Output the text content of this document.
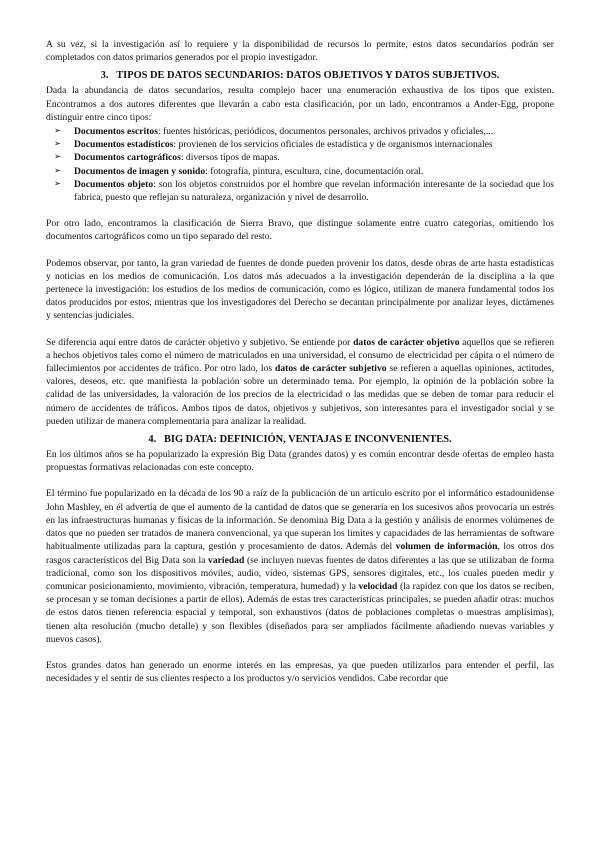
A su vez, si la investigación así lo requiere y la disponibilidad de recursos lo permite, estos datos secundarios podrán ser completados con datos primarios generados por el propio investigador.

3. TIPOS DE DATOS SECUNDARIOS: DATOS OBJETIVOS Y DATOS SUBJETIVOS.

Dada la abundancia de datos secundarios, resulta complejo hacer una enumeración exhaustiva de los tipos que existen. Encontramos a dos autores diferentes que llevarán a cabo esta clasificación, por un lado, encontramos a Ander-Egg, propone distinguir entre cinco tipos:

➢ Documentos escritos: fuentes históricas, periódicos, documentos personales, archivos privados y oficiales,...
➢ Documentos estadísticos: provienen de los servicios oficiales de estadística y de organismos internacionales
➢ Documentos cartográficos: diversos tipos de mapas.
➢ Documentos de imagen y sonido: fotografía, pintura, escultura, cine, documentación oral.
➢ Documentos objeto: son los objetos construidos por el hombre que revelan información interesante de la sociedad que los fabrica, puesto que reflejan su naturaleza, organización y nivel de desarrollo.

Por otro lado, encontramos la clasificación de Sierra Bravo, que distingue solamente entre cuatro categorías, omitiendo los documentos cartográficos como un tipo separado del resto.

Podemos observar, por tanto, la gran variedad de fuentes de donde pueden provenir los datos, desde obras de arte hasta estadísticas y noticias en los medios de comunicación. Los datos más adecuados a la investigación dependerán de la disciplina a la que pertenece la investigación: los estudios de los medios de comunicación, como es lógico, utilizan de manera fundamental todos los datos producidos por estos, mientras que los investigadores del Derecho se decantan principalmente por analizar leyes, dictámenes y sentencias judiciales.

Se diferencia aquí entre datos de carácter objetivo y subjetivo. Se entiende por datos de carácter objetivo aquellos que se refieren a hechos objetivos tales como el número de matriculados en una universidad, el consumo de electricidad per cápita o el número de fallecimientos por accidentes de tráfico. Por otro lado, los datos de carácter subjetivo se refieren a aquellas opiniones, actitudes, valores, deseos, etc. que manifiesta la población sobre un determinado tema. Por ejemplo, la opinión de la población sobre la calidad de las universidades, la valoración de los precios de la electricidad o las medidas que se deben de tomar para reducir el número de accidentes de tráficos. Ambos tipos de datos, objetivos y subjetivos, son interesantes para el investigador social y se pueden utilizar de manera complementaria para analizar la realidad.

4. BIG DATA: DEFINICIÓN, VENTAJAS E INCONVENIENTES.

En los últimos años se ha popularizado la expresión Big Data (grandes datos) y es común encontrar desde ofertas de empleo hasta propuestas formativas relacionadas con este concepto.

El término fue popularizado en la década de los 90 a raíz de la publicación de un artículo escrito por el informático estadounidense John Mashley, en él advertía de que el aumento de la cantidad de datos que se generaría en los sucesivos años provocaría un estrés en las infraestructuras humanas y físicas de la información. Se denomina Big Data a la gestión y análisis de enormes volúmenes de datos que no pueden ser tratados de manera convencional, ya que superan los límites y capacidades de las herramientas de software habitualmente utilizadas para la captura, gestión y procesamiento de datos. Además del volumen de información, los otros dos rasgos característicos del Big Data son la variedad (se incluyen nuevas fuentes de datos diferentes a las que se utilizaban de forma tradicional, como son los dispositivos móviles, audio, vídeo, sistemas GPS, sensores digitales, etc., los cuales pueden medir y comunicar posicionamiento, movimiento, vibración, temperatura, humedad) y la velocidad (la rapidez con que los datos se reciben, se procesan y se toman decisiones a partir de ellos). Además de estas tres características principales, se pueden añadir otras: muchos de estos datos tienen referencia espacial y temporal, son exhaustivos (datos de poblaciones completas o muestras amplísimas), tienen alta resolución (mucho detalle) y son flexibles (diseñados para ser ampliados fácilmente añadiendo nuevas variables y nuevos casos).

Estos grandes datos han generado un enorme interés en las empresas, ya que pueden utilizarlos para entender el perfil, las necesidades y el sentir de sus clientes respecto a los productos y/o servicios vendidos. Cabe recordar que
